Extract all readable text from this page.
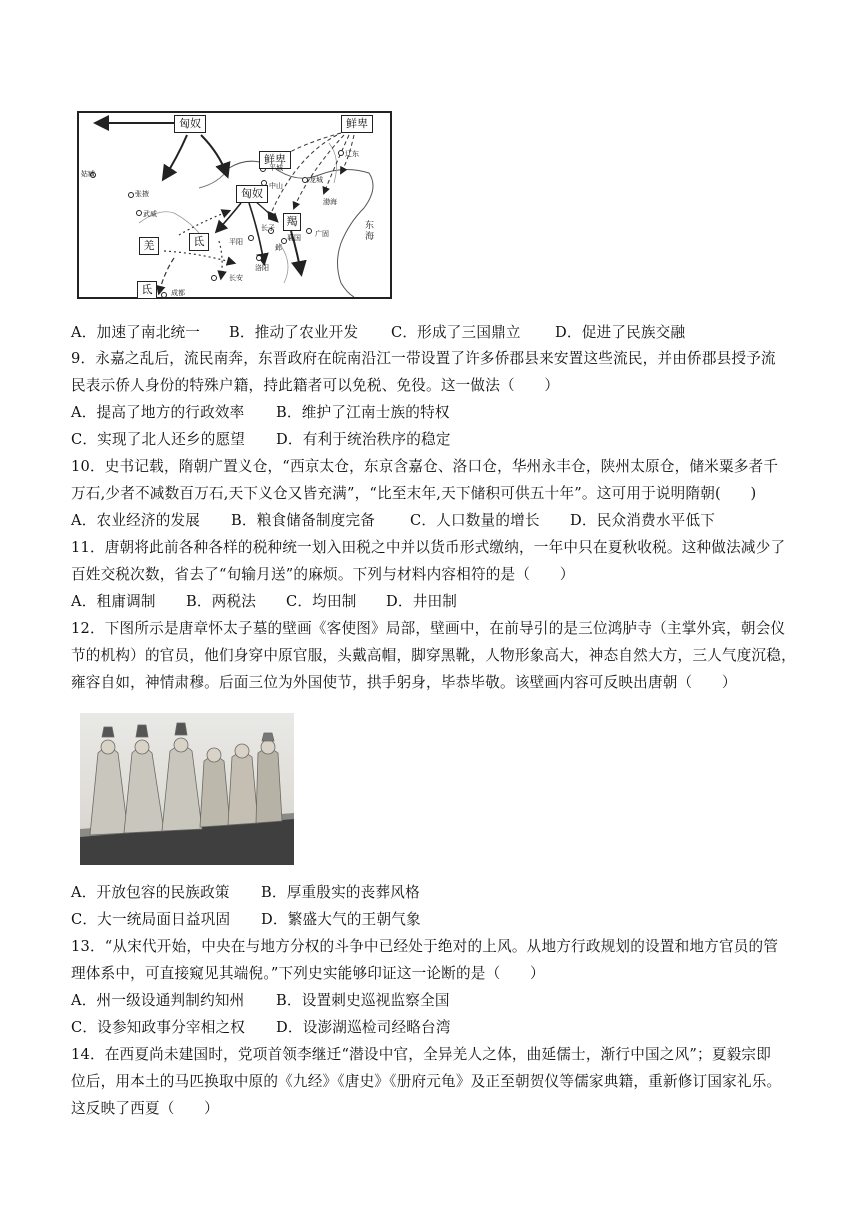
匈奴	鲜卑
鲜卑
匈奴
羯
羌	氐
氐
东海
姑臧
张掖
武威
平城
中山
龙城
辽东
渤海
平阳
长子
邺
襄国 广固
洛阳
长安
成都
A．加速了南北统一 B．推动了农业开发 C．形成了三国鼎立 D．促进了民族交融
9．永嘉之乱后，流民南奔，东晋政府在皖南沿江一带设置了许多侨郡县来安置这些流民，并由侨郡县授予流
民表示侨人身份的特殊户籍，持此籍者可以免税、免役。这一做法（　　）
A．提高了地方的行政效率 B．维护了江南士族的特权
C．实现了北人还乡的愿望 D．有利于统治秩序的稳定
10．史书记载，隋朝广置义仓，“西京太仓，东京含嘉仓、洛口仓，华州永丰仓，陕州太原仓，储米粟多者千
万石,少者不减数百万石,天下义仓又皆充满”，“比至末年,天下储积可供五十年”。这可用于说明隋朝(　　)
A．农业经济的发展 B．粮食储备制度完备 C．人口数量的增长 D．民众消费水平低下
11．唐朝将此前各种各样的税种统一划入田税之中并以货币形式缴纳，一年中只在夏秋收税。这种做法减少了
百姓交税次数，省去了“旬输月送”的麻烦。下列与材料内容相符的是（　　）
A．租庸调制 B．两税法 C．均田制 D．井田制
12．下图所示是唐章怀太子墓的壁画《客使图》局部，壁画中，在前导引的是三位鸿胪寺（主掌外宾，朝会仪
节的机构）的官员，他们身穿中原官服，头戴高帽，脚穿黑靴，人物形象高大，神态自然大方，三人气度沉稳，
雍容自如，神情肃穆。后面三位为外国使节，拱手躬身，毕恭毕敬。该壁画内容可反映出唐朝（　　）
A．开放包容的民族政策 B．厚重殷实的丧葬风格
C．大一统局面日益巩固 D．繁盛大气的王朝气象
13．“从宋代开始，中央在与地方分权的斗争中已经处于绝对的上风。从地方行政规划的设置和地方官员的管
理体系中，可直接窥见其端倪。”下列史实能够印证这一论断的是（　　）
A．州一级设通判制约知州 B．设置刺史巡视监察全国
C．设参知政事分宰相之权 D．设澎湖巡检司经略台湾
14．在西夏尚未建国时，党项首领李继迁“潜设中官，全异羌人之体，曲延儒士，渐行中国之风”；夏毅宗即
位后，用本土的马匹换取中原的《九经》《唐史》《册府元龟》及正至朝贺仪等儒家典籍，重新修订国家礼乐。
这反映了西夏（　　）
